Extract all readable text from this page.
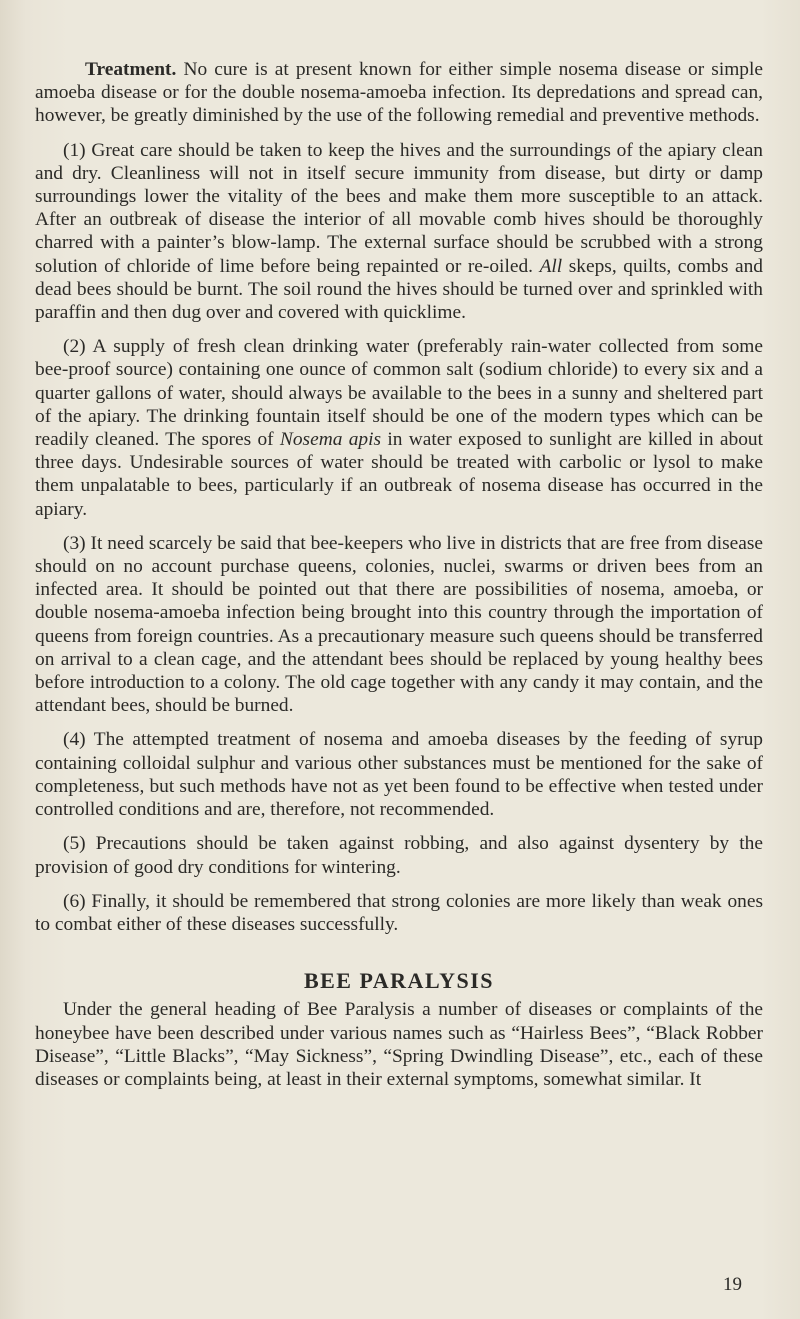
Treatment. No cure is at present known for either simple nosema disease or simple amoeba disease or for the double nosema-amoeba infection. Its depredations and spread can, however, be greatly diminished by the use of the following remedial and preventive methods.

(1) Great care should be taken to keep the hives and the surroundings of the apiary clean and dry. Cleanliness will not in itself secure immunity from disease, but dirty or damp surroundings lower the vitality of the bees and make them more susceptible to an attack. After an outbreak of disease the interior of all movable comb hives should be thoroughly charred with a painter’s blow-lamp. The external surface should be scrubbed with a strong solution of chloride of lime before being repainted or re-oiled. All skeps, quilts, combs and dead bees should be burnt. The soil round the hives should be turned over and sprinkled with paraffin and then dug over and covered with quicklime.

(2) A supply of fresh clean drinking water (preferably rain-water collected from some bee-proof source) containing one ounce of common salt (sodium chloride) to every six and a quarter gallons of water, should always be available to the bees in a sunny and sheltered part of the apiary. The drinking fountain itself should be one of the modern types which can be readily cleaned. The spores of Nosema apis in water exposed to sunlight are killed in about three days. Undesirable sources of water should be treated with carbolic or lysol to make them unpalatable to bees, particularly if an outbreak of nosema disease has occurred in the apiary.

(3) It need scarcely be said that bee-keepers who live in districts that are free from disease should on no account purchase queens, colonies, nuclei, swarms or driven bees from an infected area. It should be pointed out that there are possibilities of nosema, amoeba, or double nosema-amoeba infection being brought into this country through the importation of queens from foreign countries. As a precautionary measure such queens should be transferred on arrival to a clean cage, and the attendant bees should be replaced by young healthy bees before introduction to a colony. The old cage together with any candy it may contain, and the attendant bees, should be burned.

(4) The attempted treatment of nosema and amoeba diseases by the feeding of syrup containing colloidal sulphur and various other substances must be mentioned for the sake of completeness, but such methods have not as yet been found to be effective when tested under controlled conditions and are, therefore, not recommended.

(5) Precautions should be taken against robbing, and also against dysentery by the provision of good dry conditions for wintering.

(6) Finally, it should be remembered that strong colonies are more likely than weak ones to combat either of these diseases successfully.

BEE PARALYSIS

Under the general heading of Bee Paralysis a number of diseases or complaints of the honeybee have been described under various names such as “Hairless Bees”, “Black Robber Disease”, “Little Blacks”, “May Sickness”, “Spring Dwindling Disease”, etc., each of these diseases or complaints being, at least in their external symptoms, somewhat similar. It

19
